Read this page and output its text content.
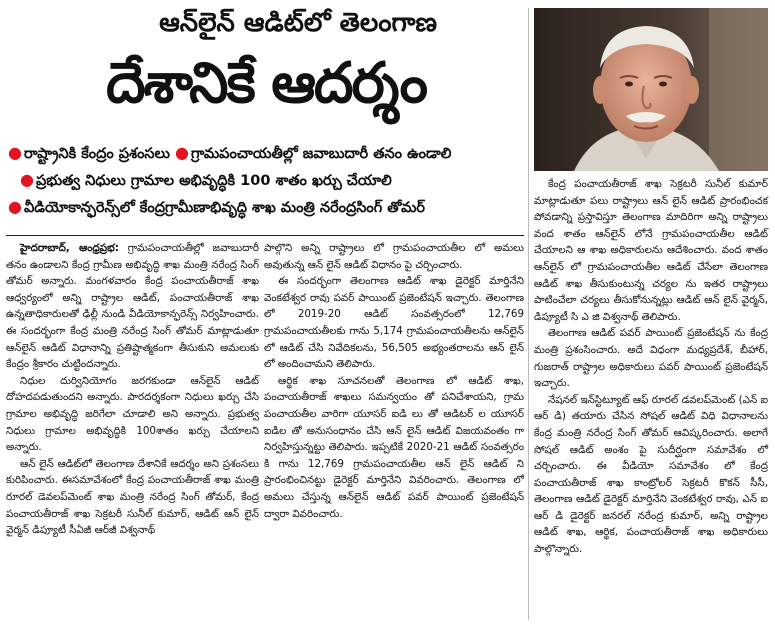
ఆన్‌లైన్ ఆడిట్‌లో తెలంగాణ
దేశానికే ఆదర్శం
● రాష్ట్రానికి కేంద్రం ప్రశంసలు ● గ్రామపంచాయతీల్లో జవాబుదారీ తనం ఉండాలి
● ప్రభుత్వ నిధులు గ్రామాల అభివృద్ధికి 100 శాతం ఖర్చు చేయాలి
● వీడియోకాన్ఫరెన్స్‌లో కేంద్రగ్రామీణాభివృద్ధి శాఖ మంత్రి నరేంద్రసింగ్ తోమర్

హైదరాబాద్, ఆంధ్రప్రభ: గ్రామపంచాయతీల్లో జవాబుదారీ తనం ఉండాలని కేంద్ర గ్రామీణ అభివృద్ధి శాఖ మంత్రి నరేంద్ర సింగ్ తోమర్ అన్నారు. మంగళవారం కేంద్ర పంచాయతీరాజ్ శాఖ ఆధ్వర్యంలో అన్ని రాష్ట్రాల ఆడిట్, పంచాయతీరాజ్ శాఖ ఉన్నతాధికారులతో ఢిల్లీ నుండి వీడియోకాన్ఫరెన్స్ నిర్వహించారు. ఈ సందర్భంగా కేంద్ర మంత్రి నరేంద్ర సింగ్ తోమర్ మాట్లాడుతూ ఆన్‌లైన్ ఆడిట్ విధానాన్ని ప్రతిష్టాత్మకంగా తీసుకుని అమలుకు కేంద్రం శ్రీకారం చుట్టిందన్నారు.

నిధుల దుర్వినియోగం జరగకుండా ఆన్‌లైన్ ఆడిట్ దోహదపడుతుందని అన్నారు. పారదర్శకంగా నిధులు ఖర్చు చేసి గ్రామాల అభివృద్ధి జరిగేలా చూడాలి అని అన్నారు. ప్రభుత్వ నిధులు గ్రామాల అభివృద్ధికి 100శాతం ఖర్చు చేయాలని అన్నారు.

ఆన్ లైన్ ఆడిట్‌లో తెలంగాణ దేశానికే ఆదర్శం అని ప్రశంసలు కురిపించారు. ఈసమావేశంలో కేంద్ర పంచాయతీరాజ్ శాఖ మంత్రి రూరల్ డెవలప్‌మెంట్ శాఖ మంత్రి నరేంద్ర సింగ్ తోమర్, కేంద్ర పంచాయతీరాజ్ శాఖ సెక్రటరీ సునీల్ కుమార్, ఆడిట్ ఆన్ లైన్ వైర్మన్ డిప్యూటీ సీఏజీ ఆర్‌జీ విశ్వనాథ్

పాల్గొని అన్ని రాష్ట్రాలు లో గ్రామపంచాయతీల లో అమలు అవుతున్న ఆన్ లైన్ ఆడిట్ విధానం పై చర్చించారు.

ఈ సందర్భంగా తెలంగాణ ఆడిట్ శాఖ డైరెక్టర్ మార్తినేని వెంకటేశ్వర రావు పవర్ పాయింట్ ప్రజెంటేషన్ ఇచ్చారు. తెలంగాణ లో 2019-20 ఆడిట్ సంవత్సరంలో 12,769 గ్రామపంచాయతీలకు గాను 5,174 గ్రామపంచాయతీలను ఆన్‌లైన్ లో ఆడిట్ చేసి నివేదికలను, 56,505 అభ్యంతరాలను ఆన్ లైన్ లో అందించామని తెలిపారు.

ఆర్థిక శాఖ సూచనలతో తెలంగాణ లో ఆడిట్ శాఖ, పంచాయతీరాజ్ శాఖలు సమన్వయం తో పనిచేశాయని, గ్రామ పంచాయతీల వారిగా యూసర్ ఐడి లు తో ఆడిటర్ ల యూసర్ ఐడిల తో అనుసంధానం చేసి ఆన్ లైన్ ఆడిట్ విజయవంతం గా నిర్వహిస్తున్నట్టు తెలిపారు. ఇప్పటికే 2020-21 ఆడిట్ సంవత్సరం కి గాను 12,769 గ్రామపంచాయతీల ఆన్ లైన్ ఆడిట్ ని ప్రారంభించినట్టు డైరెక్టర్ మార్తినేని వివరించారు. తెలంగాణ లో అమలు చేస్తున్న ఆన్‌లైన్ ఆడిట్ పవర్ పాయింట్ ప్రజెంటేషన్ ద్వారా వివరించారు.

కేంద్ర పంచాయతీరాజ్ శాఖ సెక్రటరీ సునీల్ కుమార్ మాట్లాడుతూ పలు రాష్ట్రాలు ఆన్ లైన్ ఆడిట్ ప్రారంభించక పోవడాన్ని ప్రస్తావిస్తూ తెలంగాణ మాదిరిగా అన్ని రాష్ట్రాలు వంద శాతం ఆన్‌లైన్ లోనే గ్రామపంచాయతీల ఆడిట్ చేయాలని ఆ శాఖ అధికారులను ఆదేశించారు. వంద శాతం ఆన్‌లైన్ లో గ్రామపంచాయతీల ఆడిట్ చేసేలా తెలంగాణ ఆడిట్ శాఖ తీసుకుంటున్న చర్యల ను ఇతర రాష్ట్రాలు పాటించేలా చర్యలు తీసుకోనున్నట్లు ఆడిట్ ఆన్ లైన్ వైర్మన్, డిప్యూటీ సి ఎ జి విశ్వనాథ్ తెలిపారు.

తెలంగాణ ఆడిట్ పవర్ పాయింట్ ప్రజెంటేషన్ ను కేంద్ర మంత్రి ప్రశంసించారు. అదే విధంగా మధ్యప్రదేశ్, బీహార్, గుజరాత్ రాష్ట్రాల అధికారులు పవర్ పాయింట్ ప్రజెంటేషన్ ఇచ్చారు.

నేషనల్ ఇన్‌స్టిట్యూట్ ఆఫ్ రూరల్ డవలప్‌మెంట్ (ఎన్ ఐ ఆర్ డి) తయారు చేసిన సోషల్ ఆడిట్ విధి విధానాలను కేంద్ర మంత్రి నరేంద్ర సింగ్ తోమర్ ఆవిష్కరించారు. అలాగే సోషల్ ఆడిట్ అంశం పై సుదీర్ఘంగా సమావేశం లో చర్చించారు. ఈ వీడియో సమావేశం లో కేంద్ర పంచాయతీరాజ్ శాఖ కాంట్రోలర్ సెక్రటరీ కొకన్ సీసీ, తెలంగాణ ఆడిట్ డైరెక్టర్ మార్తినేని వెంకటేశ్వర రావు, ఎన్ ఐ ఆర్ డి డైరెక్టర్ జనరల్ నరేంద్ర కుమార్, అన్ని రాష్ట్రాల ఆడిట్ శాఖ, ఆర్థిక, పంచాయతీరాజ్ శాఖ అధికారులు పాల్గొన్నారు.
